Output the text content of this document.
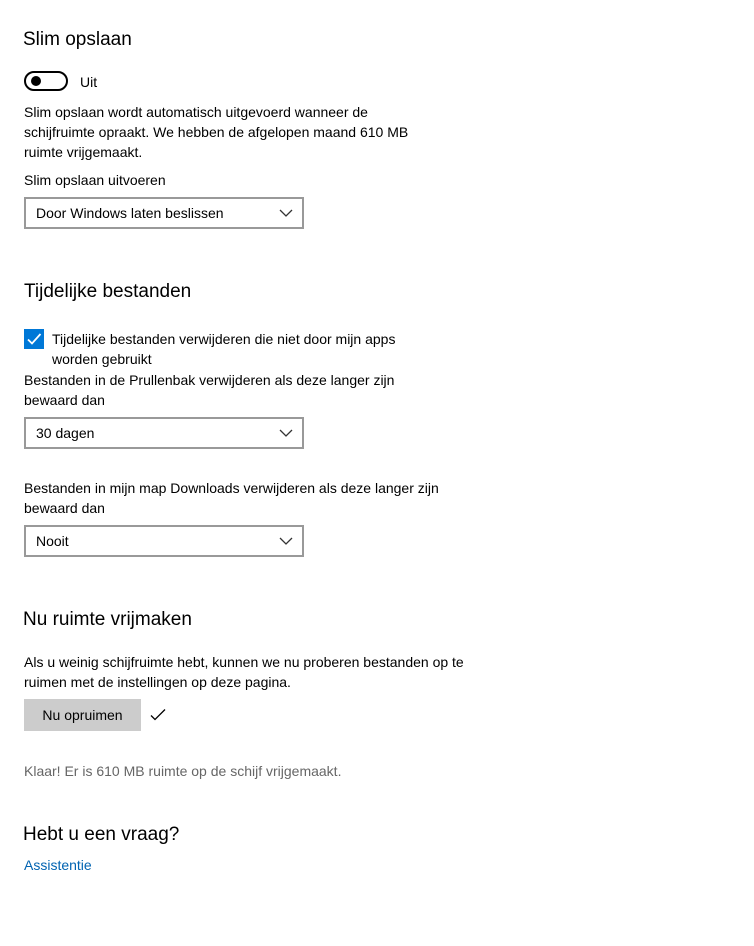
Slim opslaan
Uit
Slim opslaan wordt automatisch uitgevoerd wanneer de schijfruimte opraakt. We hebben de afgelopen maand 610 MB ruimte vrijgemaakt.
Slim opslaan uitvoeren
Door Windows laten beslissen
Tijdelijke bestanden
Tijdelijke bestanden verwijderen die niet door mijn apps worden gebruikt
Bestanden in de Prullenbak verwijderen als deze langer zijn bewaard dan
30 dagen
Bestanden in mijn map Downloads verwijderen als deze langer zijn bewaard dan
Nooit
Nu ruimte vrijmaken
Als u weinig schijfruimte hebt, kunnen we nu proberen bestanden op te ruimen met de instellingen op deze pagina.
Nu opruimen
Klaar! Er is 610 MB ruimte op de schijf vrijgemaakt.
Hebt u een vraag?
Assistentie
